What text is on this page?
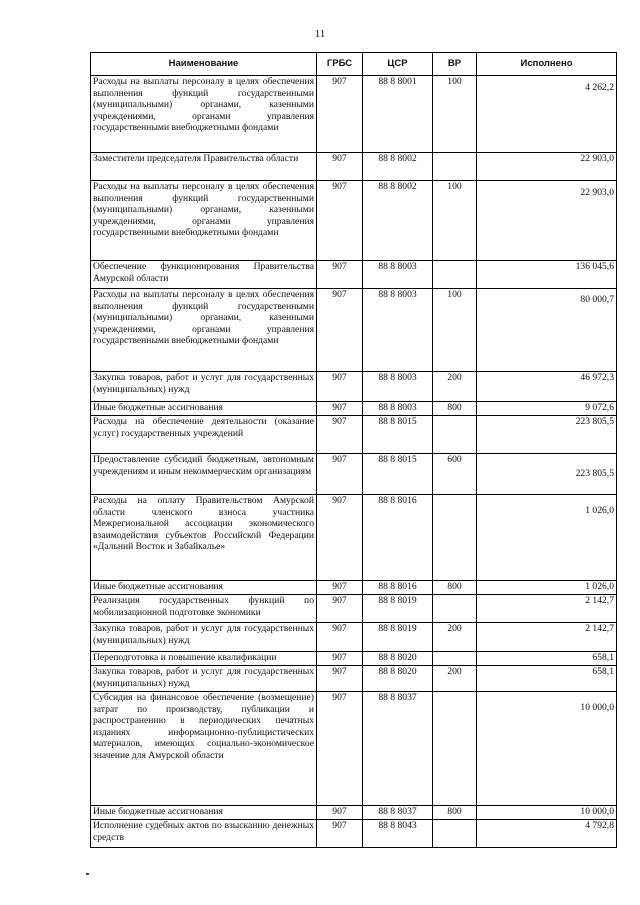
11
Наименование	ГРБС	ЦСР	ВР	Исполнено
Расходы на выплаты персоналу в целях обеспечения выполнения функций государственными (муниципальными) органами, казенными учреждениями, органами управления государственными внебюджетными фондами	907	88 8 8001	100	4 262,2
Заместители председателя Правительства области	907	88 8 8002		22 903,0
Расходы на выплаты персоналу в целях обеспечения выполнения функций государственными (муниципальными) органами, казенными учреждениями, органами управления государственными внебюджетными фондами	907	88 8 8002	100	22 903,0
Обеспечение функционирования Правительства Амурской области	907	88 8 8003		136 045,6
Расходы на выплаты персоналу в целях обеспечения выполнения функций государственными (муниципальными) органами, казенными учреждениями, органами управления государственными внебюджетными фондами	907	88 8 8003	100	80 000,7
Закупка товаров, работ и услуг для государственных (муниципальных) нужд	907	88 8 8003	200	46 972,3
Иные бюджетные ассигнования	907	88 8 8003	800	9 072,6
Расходы на обеспечение деятельности (оказание услуг) государственных учреждений	907	88 8 8015		223 805,5
Предоставление субсидий бюджетным, автономным учреждениям и иным некоммерческим организациям	907	88 8 8015	600	223 805,5
Расходы на оплату Правительством Амурской области членского взноса участника Межрегиональной ассоциации экономического взаимодействия субъектов Российской Федерации «Дальний Восток и Забайкалье»	907	88 8 8016		1 026,0
Иные бюджетные ассигнования	907	88 8 8016	800	1 026,0
Реализация государственных функций по мобилизационной подготовке экономики	907	88 8 8019		2 142,7
Закупка товаров, работ и услуг для государственных (муниципальных) нужд	907	88 8 8019	200	2 142,7
Переподготовка и повышение квалификации	907	88 8 8020		658,1
Закупка товаров, работ и услуг для государственных (муниципальных) нужд	907	88 8 8020	200	658,1
Субсидия на финансовое обеспечение (возмещение) затрат по производству, публикации и распространению в периодических печатных изданиях информационно-публицистических материалов, имеющих социально-экономическое значение для Амурской области	907	88 8 8037		10 000,0
Иные бюджетные ассигнования	907	88 8 8037	800	10 000,0
Исполнение судебных актов по взысканию денежных средств	907	88 8 8043		4 792,8
